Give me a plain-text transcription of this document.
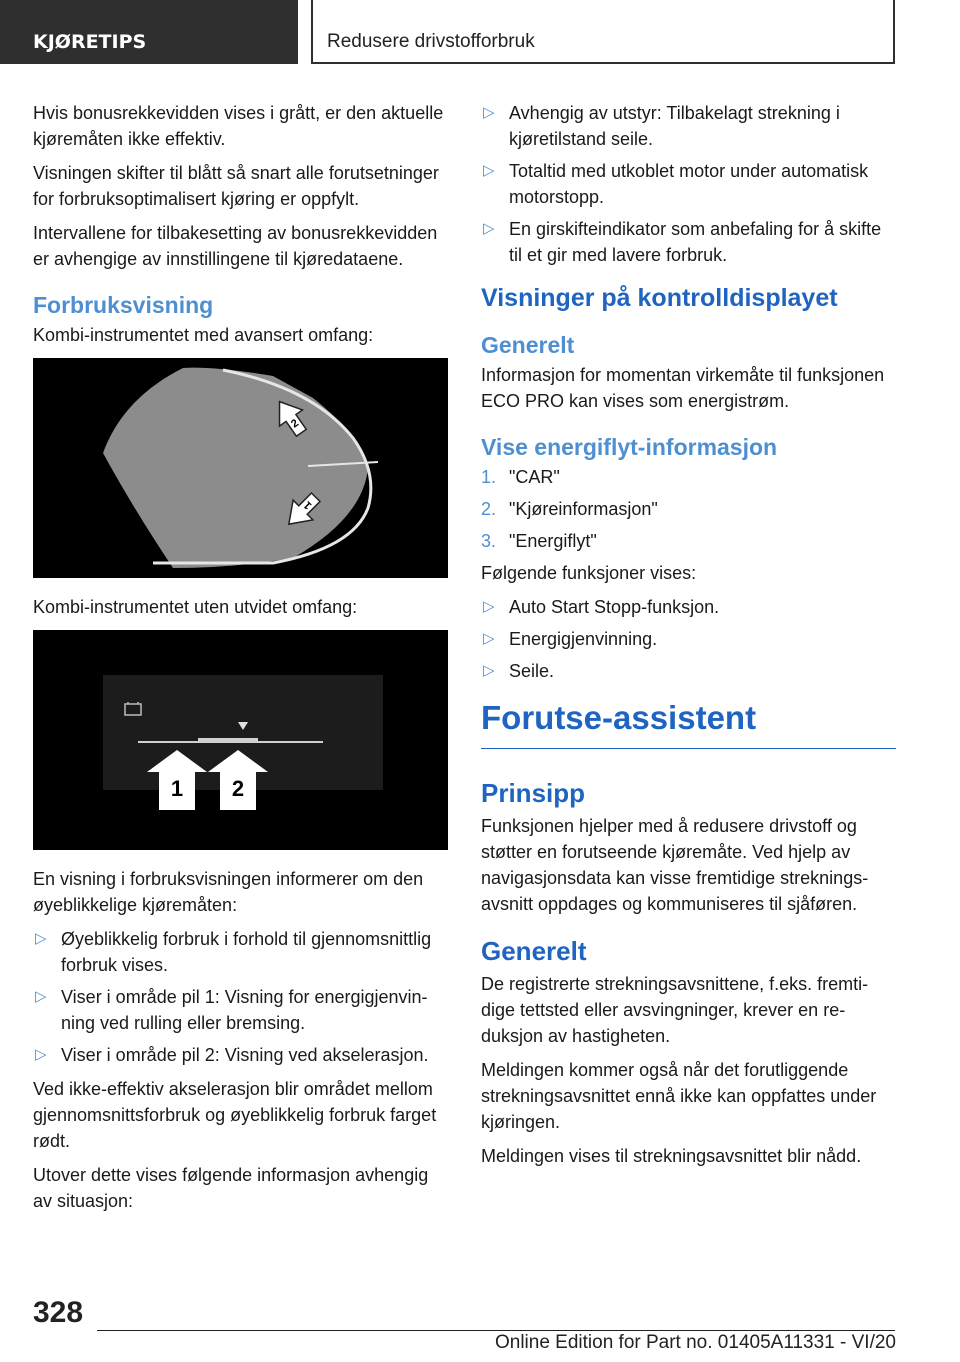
KJØRETIPS	Redusere drivstofforbruk

Hvis bonusrekkevidden vises i grått, er den aktuelle kjøremåten ikke effektiv.

Visningen skifter til blått så snart alle forutsetninger for forbruksoptimalisert kjøring er oppfylt.

Intervallene for tilbakesetting av bonusrekkevidden er avhengige av innstillingene til kjøredataene.

Forbruksvisning

Kombi-instrumentet med avansert omfang:

2
1

Kombi-instrumentet uten utvidet omfang:

1 2

En visning i forbruksvisningen informerer om den øyeblikkelige kjøremåten:

▷ Øyeblikkelig forbruk i forhold til gjennomsnittlig forbruk vises.
▷ Viser i område pil 1: Visning for energigjenvinning ved rulling eller bremsing.
▷ Viser i område pil 2: Visning ved akselerasjon.

Ved ikke-effektiv akselerasjon blir området mellom gjennomsnittsforbruk og øyeblikkelig forbruk farget rødt.

Utover dette vises følgende informasjon avhengig av situasjon:

▷ Avhengig av utstyr: Tilbakelagt strekning i kjøretilstand seile.
▷ Totaltid med utkoblet motor under automatisk motorstopp.
▷ En girskifteindikator som anbefaling for å skifte til et gir med lavere forbruk.
Visninger på kontrolldisplayet
Generelt

Informasjon for momentan virkemåte til funksjonen ECO PRO kan vises som energistrøm.

Vise energiflyt-informasjon
1. "CAR"
2. "Kjøreinformasjon"
3. "Energiflyt"

Følgende funksjoner vises:

▷ Auto Start Stopp-funksjon.
▷ Energigjenvinning.
▷ Seile.
Forutse-assistent
Prinsipp

Funksjonen hjelper med å redusere drivstoff og støtter en forutseende kjøremåte. Ved hjelp av navigasjonsdata kan visse fremtidige strekningsavsnitt oppdages og kommuniseres til sjåføren.

Generelt

De registrerte strekningsavsnittene, f.eks. fremtidige tettsted eller avsvingninger, krever en reduksjon av hastigheten.

Meldingen kommer også når det forutliggende strekningsavsnittet ennå ikke kan oppfattes under kjøringen.

Meldingen vises til strekningsavsnittet blir nådd.

328
Online Edition for Part no. 01405A11331 - VI/20
